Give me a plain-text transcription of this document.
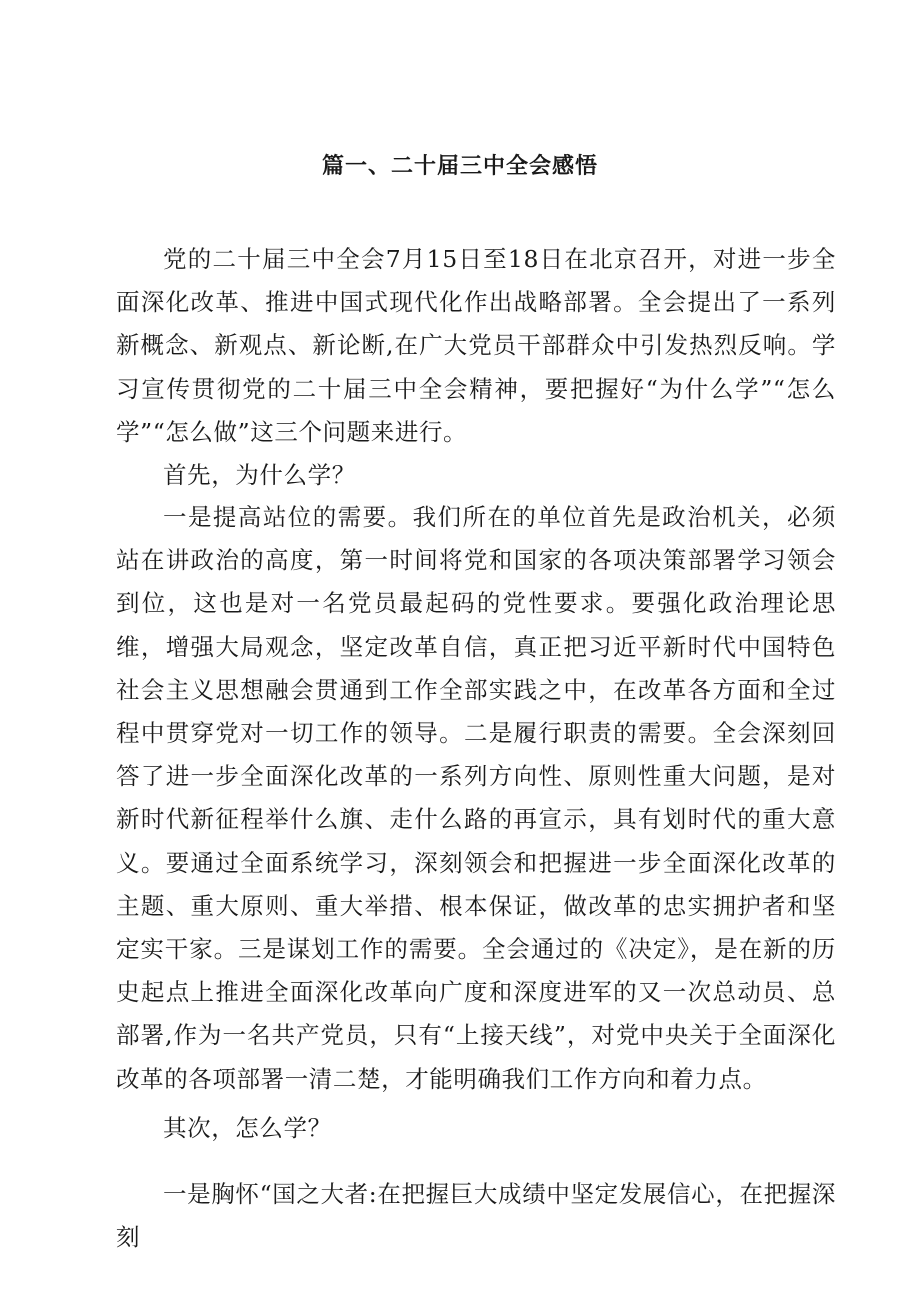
篇一、二十届三中全会感悟

党的二十届三中全会7月15日至18日在北京召开，对进一步全面深化改革、推进中国式现代化作出战略部署。全会提出了一系列新概念、新观点、新论断,在广大党员干部群众中引发热烈反响。学习宣传贯彻党的二十届三中全会精神，要把握好“为什么学”“怎么学”“怎么做”这三个问题来进行。

首先，为什么学？

一是提高站位的需要。我们所在的单位首先是政治机关，必须站在讲政治的高度，第一时间将党和国家的各项决策部署学习领会到位，这也是对一名党员最起码的党性要求。要强化政治理论思维，增强大局观念，坚定改革自信，真正把习近平新时代中国特色社会主义思想融会贯通到工作全部实践之中，在改革各方面和全过程中贯穿党对一切工作的领导。二是履行职责的需要。全会深刻回答了进一步全面深化改革的一系列方向性、原则性重大问题，是对新时代新征程举什么旗、走什么路的再宣示，具有划时代的重大意义。要通过全面系统学习，深刻领会和把握进一步全面深化改革的主题、重大原则、重大举措、根本保证，做改革的忠实拥护者和坚定实干家。三是谋划工作的需要。全会通过的《决定》，是在新的历史起点上推进全面深化改革向广度和深度进军的又一次总动员、总部署,作为一名共产党员，只有“上接天线”，对党中央关于全面深化改革的各项部署一清二楚，才能明确我们工作方向和着力点。

其次，怎么学？

一是胸怀“国之大者:在把握巨大成绩中坚定发展信心，在把握深刻
